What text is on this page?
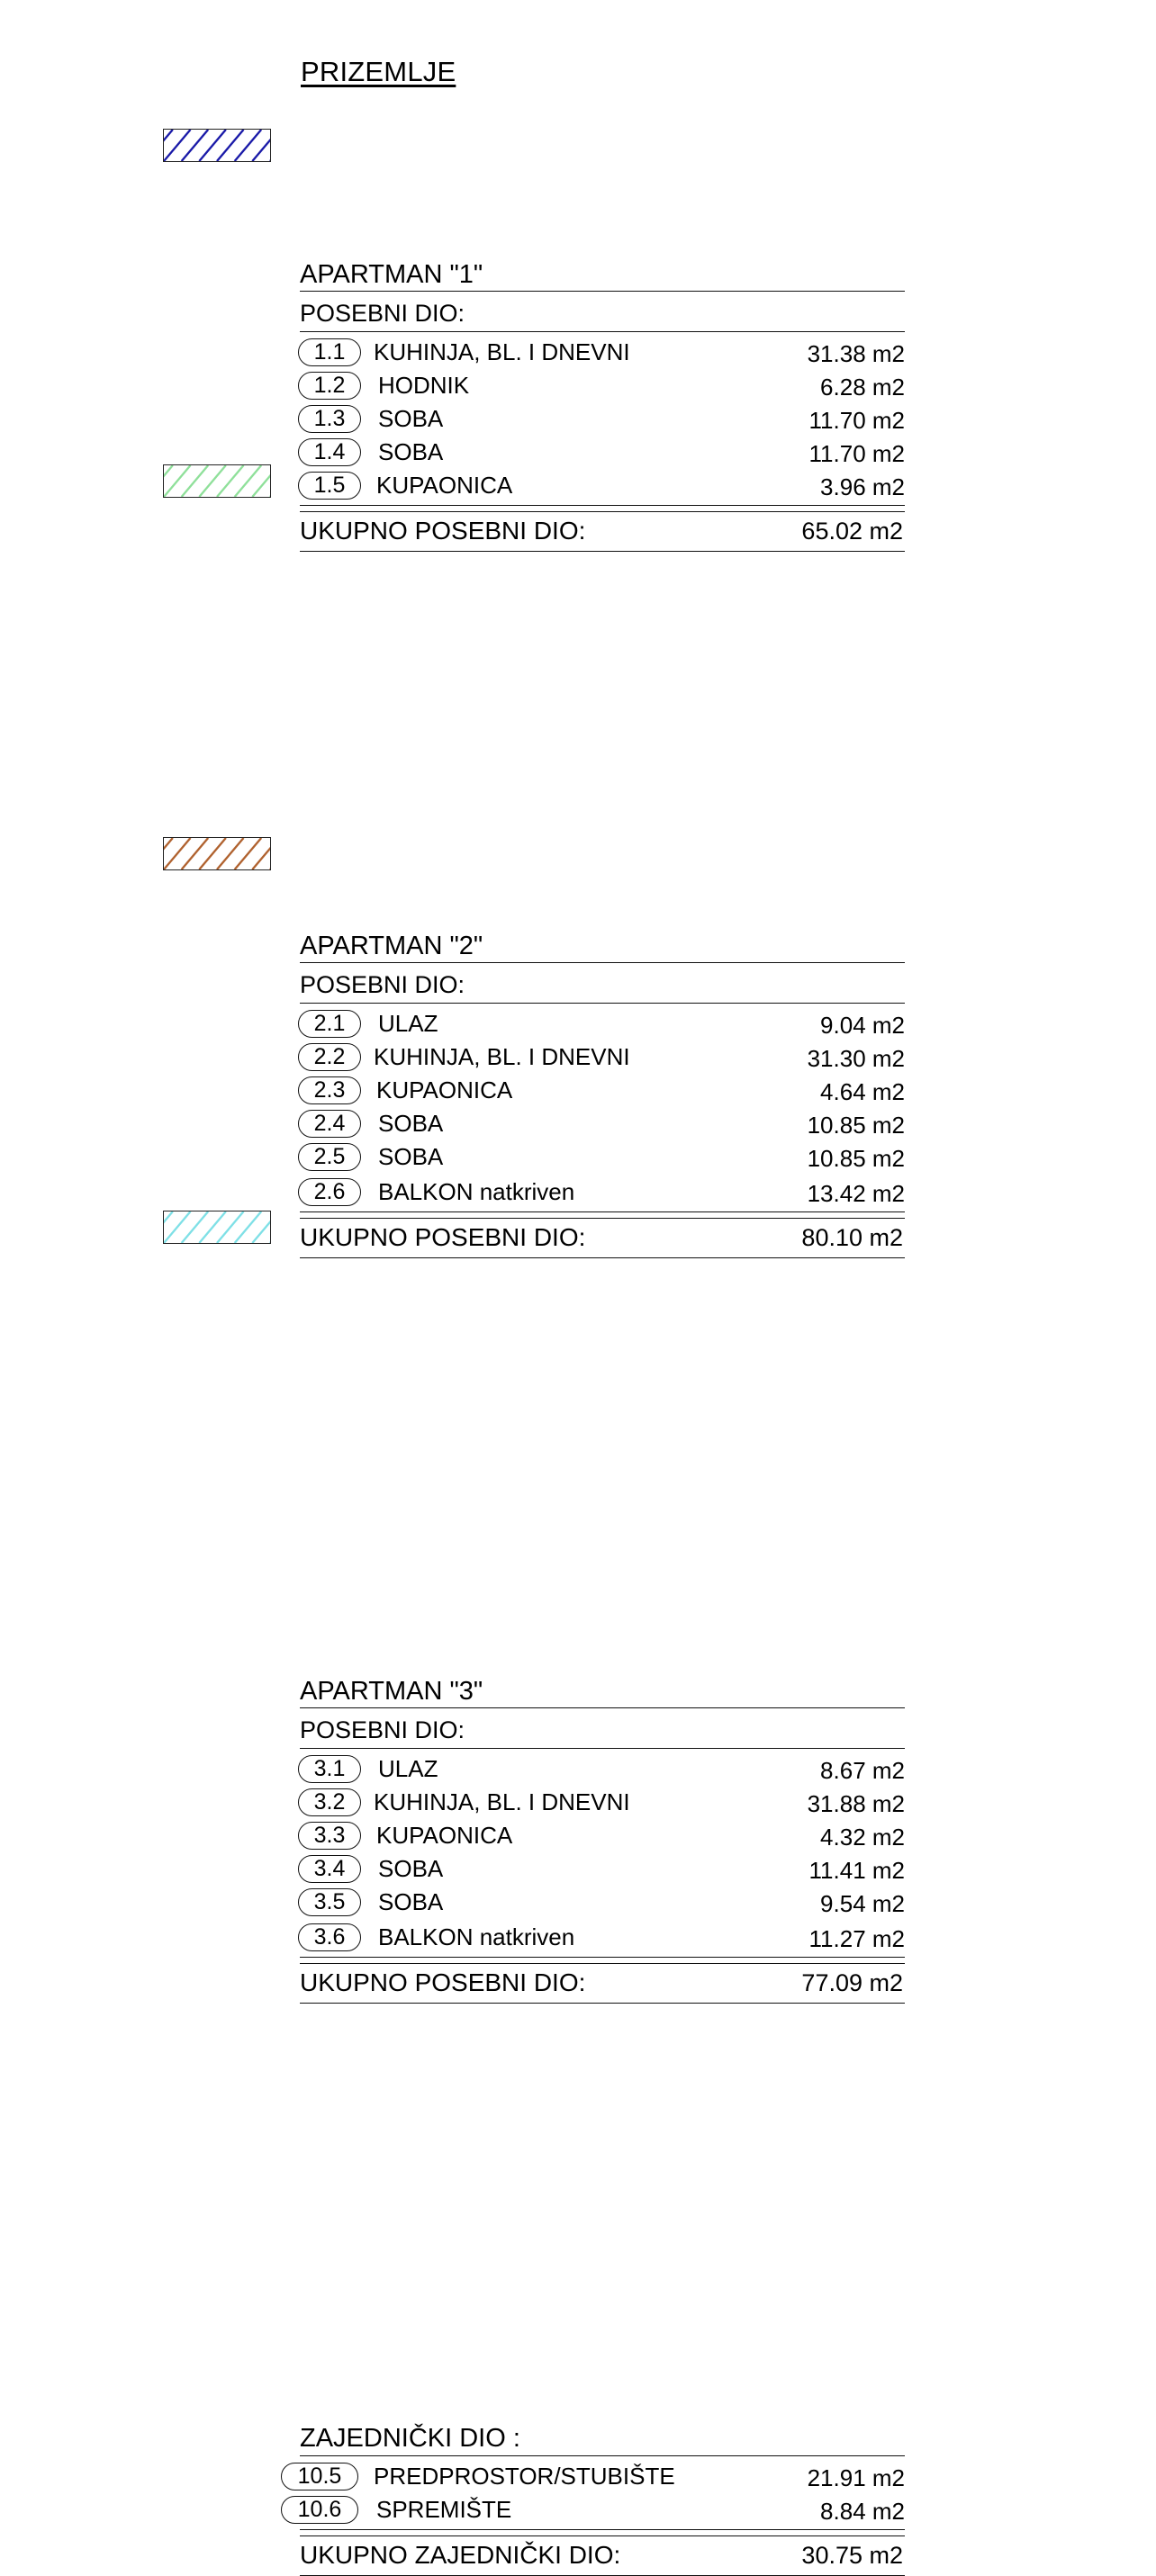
PRIZEMLJE
APARTMAN "1"
POSEBNI DIO:
1.1	KUHINJA, BL. I DNEVNI	31.38 m2
1.2	HODNIK	6.28 m2
1.3	SOBA	11.70 m2
1.4	SOBA	11.70 m2
1.5	KUPAONICA	3.96 m2
UKUPNO POSEBNI DIO:	65.02 m2
APARTMAN "2"
POSEBNI DIO:
2.1	ULAZ	9.04 m2
2.2	KUHINJA, BL. I DNEVNI	31.30 m2
2.3	KUPAONICA	4.64 m2
2.4	SOBA	10.85 m2
2.5	SOBA	10.85 m2
2.6	BALKON natkriven	13.42 m2
UKUPNO POSEBNI DIO:	80.10 m2
APARTMAN "3"
POSEBNI DIO:
3.1	ULAZ	8.67 m2
3.2	KUHINJA, BL. I DNEVNI	31.88 m2
3.3	KUPAONICA	4.32 m2
3.4	SOBA	11.41 m2
3.5	SOBA	9.54 m2
3.6	BALKON natkriven	11.27 m2
UKUPNO POSEBNI DIO:	77.09 m2
ZAJEDNIČKI DIO :
10.5	PREDPROSTOR/STUBIŠTE	21.91 m2
10.6	SPREMIŠTE	8.84 m2
UKUPNO ZAJEDNIČKI DIO:	30.75 m2
